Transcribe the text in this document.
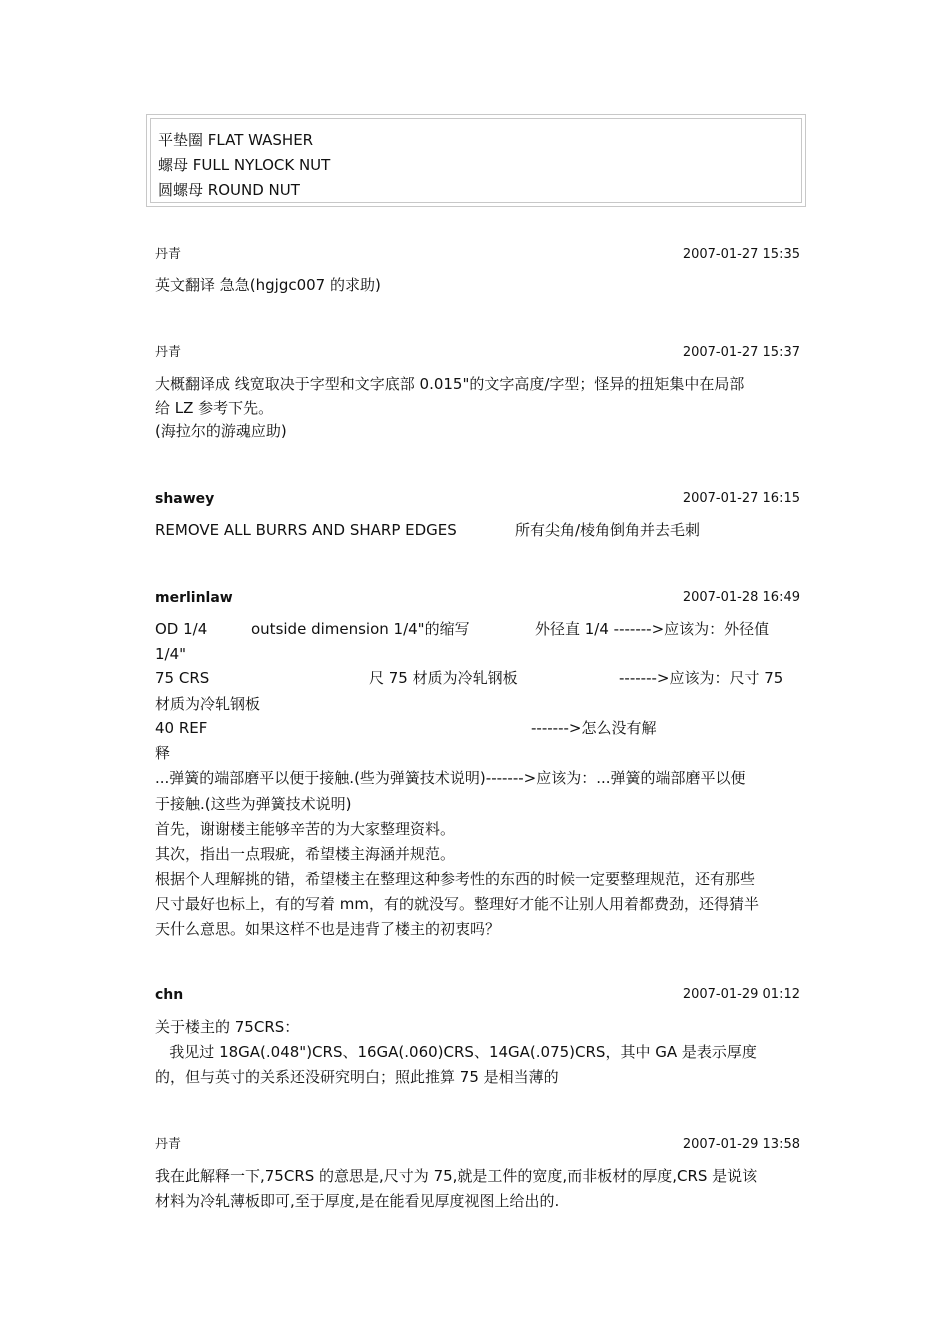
平垫圈 FLAT WASHER
螺母 FULL NYLOCK NUT
圆螺母 ROUND NUT
丹青	2007-01-27 15:35
英文翻译 急急(hgjgc007 的求助)
丹青	2007-01-27 15:37
大概翻译成 线宽取决于字型和文字底部 0.015"的文字高度/字型；怪异的扭矩集中在局部
给 LZ 参考下先。
(海拉尔的游魂应助)
shawey	2007-01-27 16:15
REMOVE ALL BURRS AND SHARP EDGES	所有尖角/棱角倒角并去毛刺
merlinlaw	2007-01-28 16:49
OD 1/4	outside dimension 1/4"的缩写	外径直 1/4 ------->应该为：外径值
1/4"
75 CRS	尺 75 材质为冷轧钢板	------->应该为：尺寸 75
材质为冷轧钢板
40 REF	------->怎么没有解
释
...弹簧的端部磨平以便于接触.(些为弹簧技术说明)------->应该为：...弹簧的端部磨平以便
于接触.(这些为弹簧技术说明)
首先，谢谢楼主能够辛苦的为大家整理资料。
其次，指出一点瑕疵，希望楼主海涵并规范。
根据个人理解挑的错，希望楼主在整理这种参考性的东西的时候一定要整理规范，还有那些
尺寸最好也标上，有的写着 mm，有的就没写。整理好才能不让别人用着都费劲，还得猜半
天什么意思。如果这样不也是违背了楼主的初衷吗？
chn	2007-01-29 01:12
关于楼主的 75CRS：
我见过 18GA(.048")CRS、16GA(.060)CRS、14GA(.075)CRS，其中 GA 是表示厚度
的，但与英寸的关系还没研究明白；照此推算 75 是相当薄的
丹青	2007-01-29 13:58
我在此解释一下,75CRS 的意思是,尺寸为 75,就是工件的宽度,而非板材的厚度,CRS 是说该
材料为冷轧薄板即可,至于厚度,是在能看见厚度视图上给出的.
